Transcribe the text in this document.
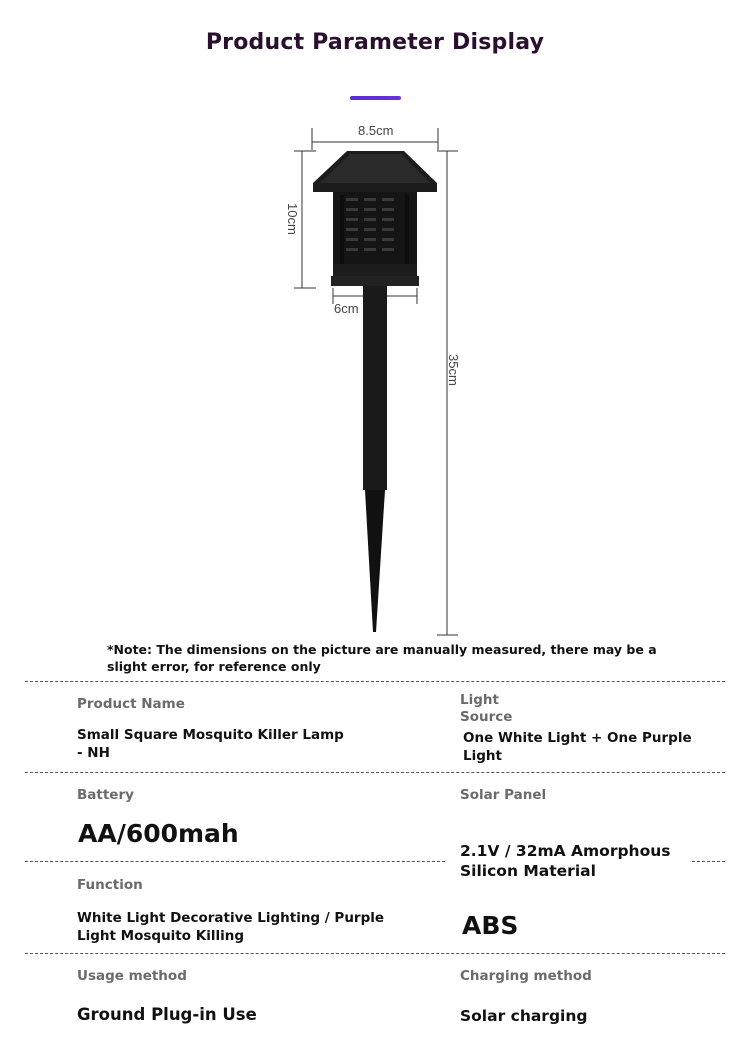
Product Parameter Display
8.5cm
10cm
6cm
35cm
*Note: The dimensions on the picture are manually measured, there may be a slight error, for reference only
Product Name
Small Square Mosquito Killer Lamp - NH
Light Source
One White Light + One Purple Light
Battery
AA/600mah
Solar Panel
2.1V / 32mA Amorphous Silicon Material
Function
White Light Decorative Lighting / Purple Light Mosquito Killing	ABS
Usage method
Ground Plug-in Use
Charging method
Solar charging
